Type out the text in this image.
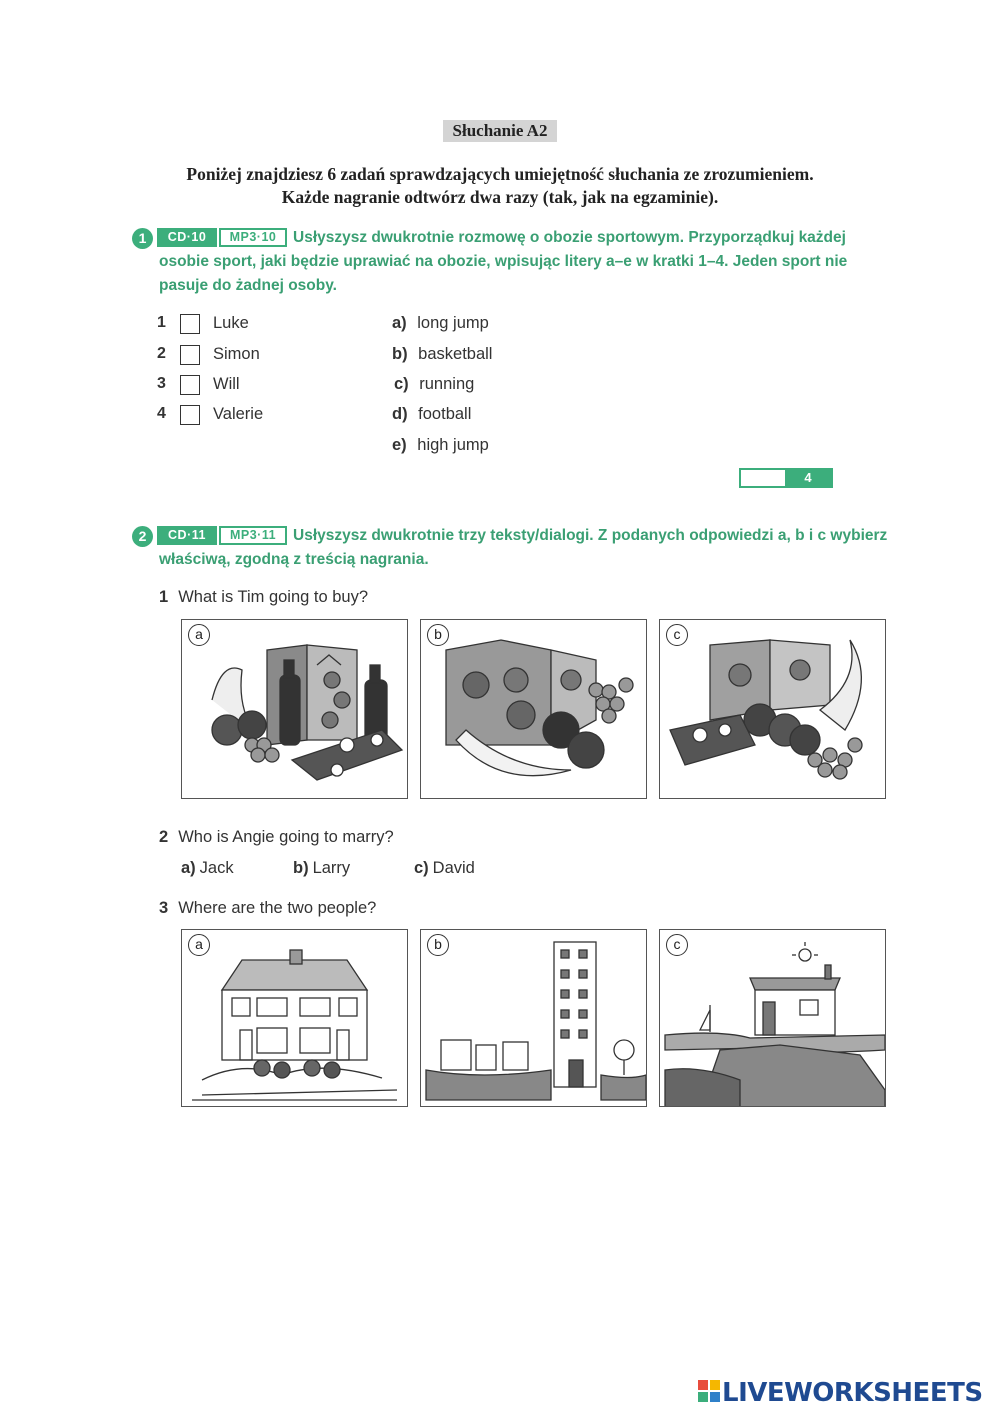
Słuchanie A2
Poniżej znajdziesz 6 zadań sprawdzających umiejętność słuchania ze zrozumieniem.
Każde nagranie odtwórz dwa razy (tak, jak na egzaminie).
1	CD·10	MP3·10	Usłyszysz dwukrotnie rozmowę o obozie sportowym. Przyporządkuj każdej osobie sport, jaki będzie uprawiać na obozie, wpisując litery a–e w kratki 1–4. Jeden sport nie pasuje do żadnej osoby.
1	Luke
2	Simon
3	Will
4	Valerie
a) long jump
b) basketball
c) running
d) football
e) high jump
4
2	CD·11	MP3·11	Usłyszysz dwukrotnie trzy teksty/dialogi. Z podanych odpowiedzi a, b i c wybierz właściwą, zgodną z treścią nagrania.
1 What is Tim going to buy?
a	b	c
2 Who is Angie going to marry?
a) Jack	b) Larry	c) David
3 Where are the two people?
a	b	c
LIVEWORKSHEETS
